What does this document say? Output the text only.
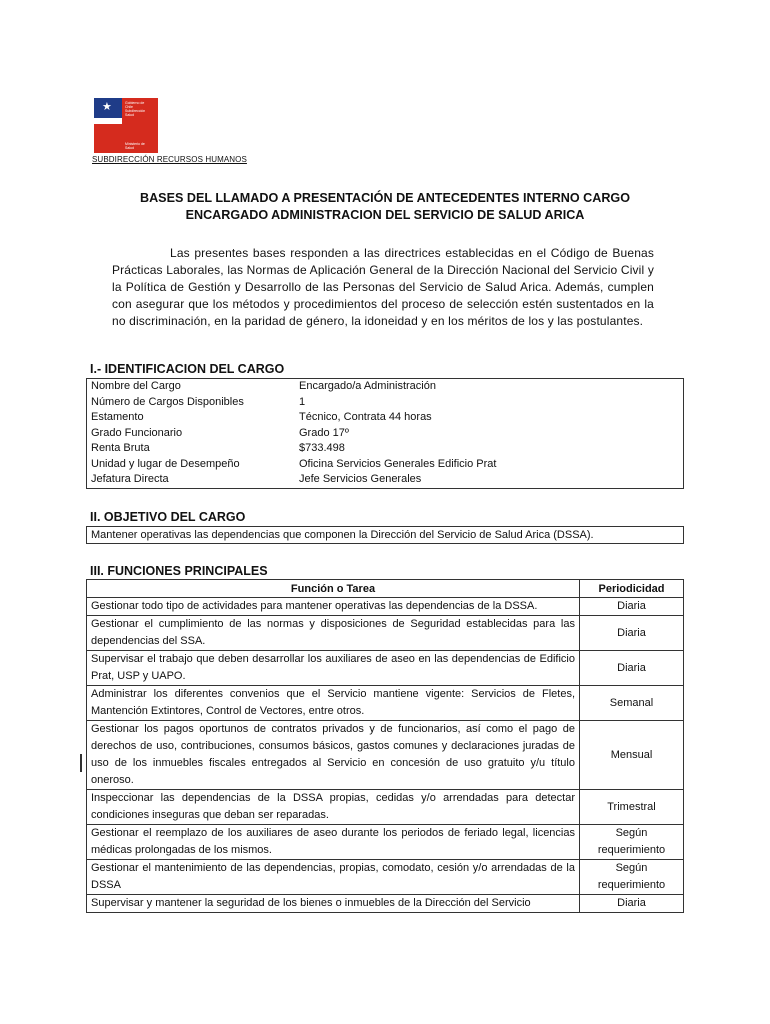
★	Gobierno de
Chile
Subdirección
Salud
Ministerio de
Salud
SUBDIRECCIÓN RECURSOS HUMANOS
BASES DEL LLAMADO A PRESENTACIÓN DE ANTECEDENTES INTERNO CARGO
ENCARGADO ADMINISTRACION DEL SERVICIO DE SALUD ARICA
Las presentes bases responden a las directrices establecidas en el Código de Buenas Prácticas Laborales, las Normas de Aplicación General de la Dirección Nacional del Servicio Civil y la Política de Gestión y Desarrollo de las Personas del Servicio de Salud Arica. Además, cumplen con asegurar que los métodos y procedimientos del proceso de selección estén sustentados en la no discriminación, en la paridad de género, la idoneidad y en los méritos de los y las postulantes.
I.- IDENTIFICACION DEL CARGO
Nombre del Cargo	Encargado/a Administración
Número de Cargos Disponibles	1
Estamento	Técnico, Contrata 44 horas
Grado Funcionario	Grado 17º
Renta Bruta	$733.498
Unidad y lugar de Desempeño	Oficina Servicios Generales Edificio Prat
Jefatura Directa	Jefe Servicios Generales
II. OBJETIVO DEL CARGO
Mantener operativas las dependencias que componen la Dirección del Servicio de Salud Arica (DSSA).
III. FUNCIONES PRINCIPALES
Función o Tarea	Periodicidad
Gestionar todo tipo de actividades para mantener operativas las dependencias de la DSSA.	Diaria
Gestionar el cumplimiento de las normas y disposiciones de Seguridad establecidas para las dependencias del SSA.	Diaria
Supervisar el trabajo que deben desarrollar los auxiliares de aseo en las dependencias de Edificio Prat, USP y UAPO.	Diaria
Administrar los diferentes convenios que el Servicio mantiene vigente: Servicios de Fletes, Mantención Extintores, Control de Vectores, entre otros.	Semanal
Gestionar los pagos oportunos de contratos privados y de funcionarios, así como el pago de derechos de uso, contribuciones, consumos básicos, gastos comunes y declaraciones juradas de uso de los inmuebles fiscales entregados al Servicio en concesión de uso gratuito y/u título oneroso.	Mensual
Inspeccionar las dependencias de la DSSA propias, cedidas y/o arrendadas para detectar condiciones inseguras que deban ser reparadas.	Trimestral
Gestionar el reemplazo de los auxiliares de aseo durante los periodos de feriado legal, licencias médicas prolongadas de los mismos.	Según requerimiento
Gestionar el mantenimiento de las dependencias, propias, comodato, cesión y/o arrendadas de la DSSA	Según requerimiento
Supervisar y mantener la seguridad de los bienes o inmuebles de la Dirección del Servicio	Diaria
